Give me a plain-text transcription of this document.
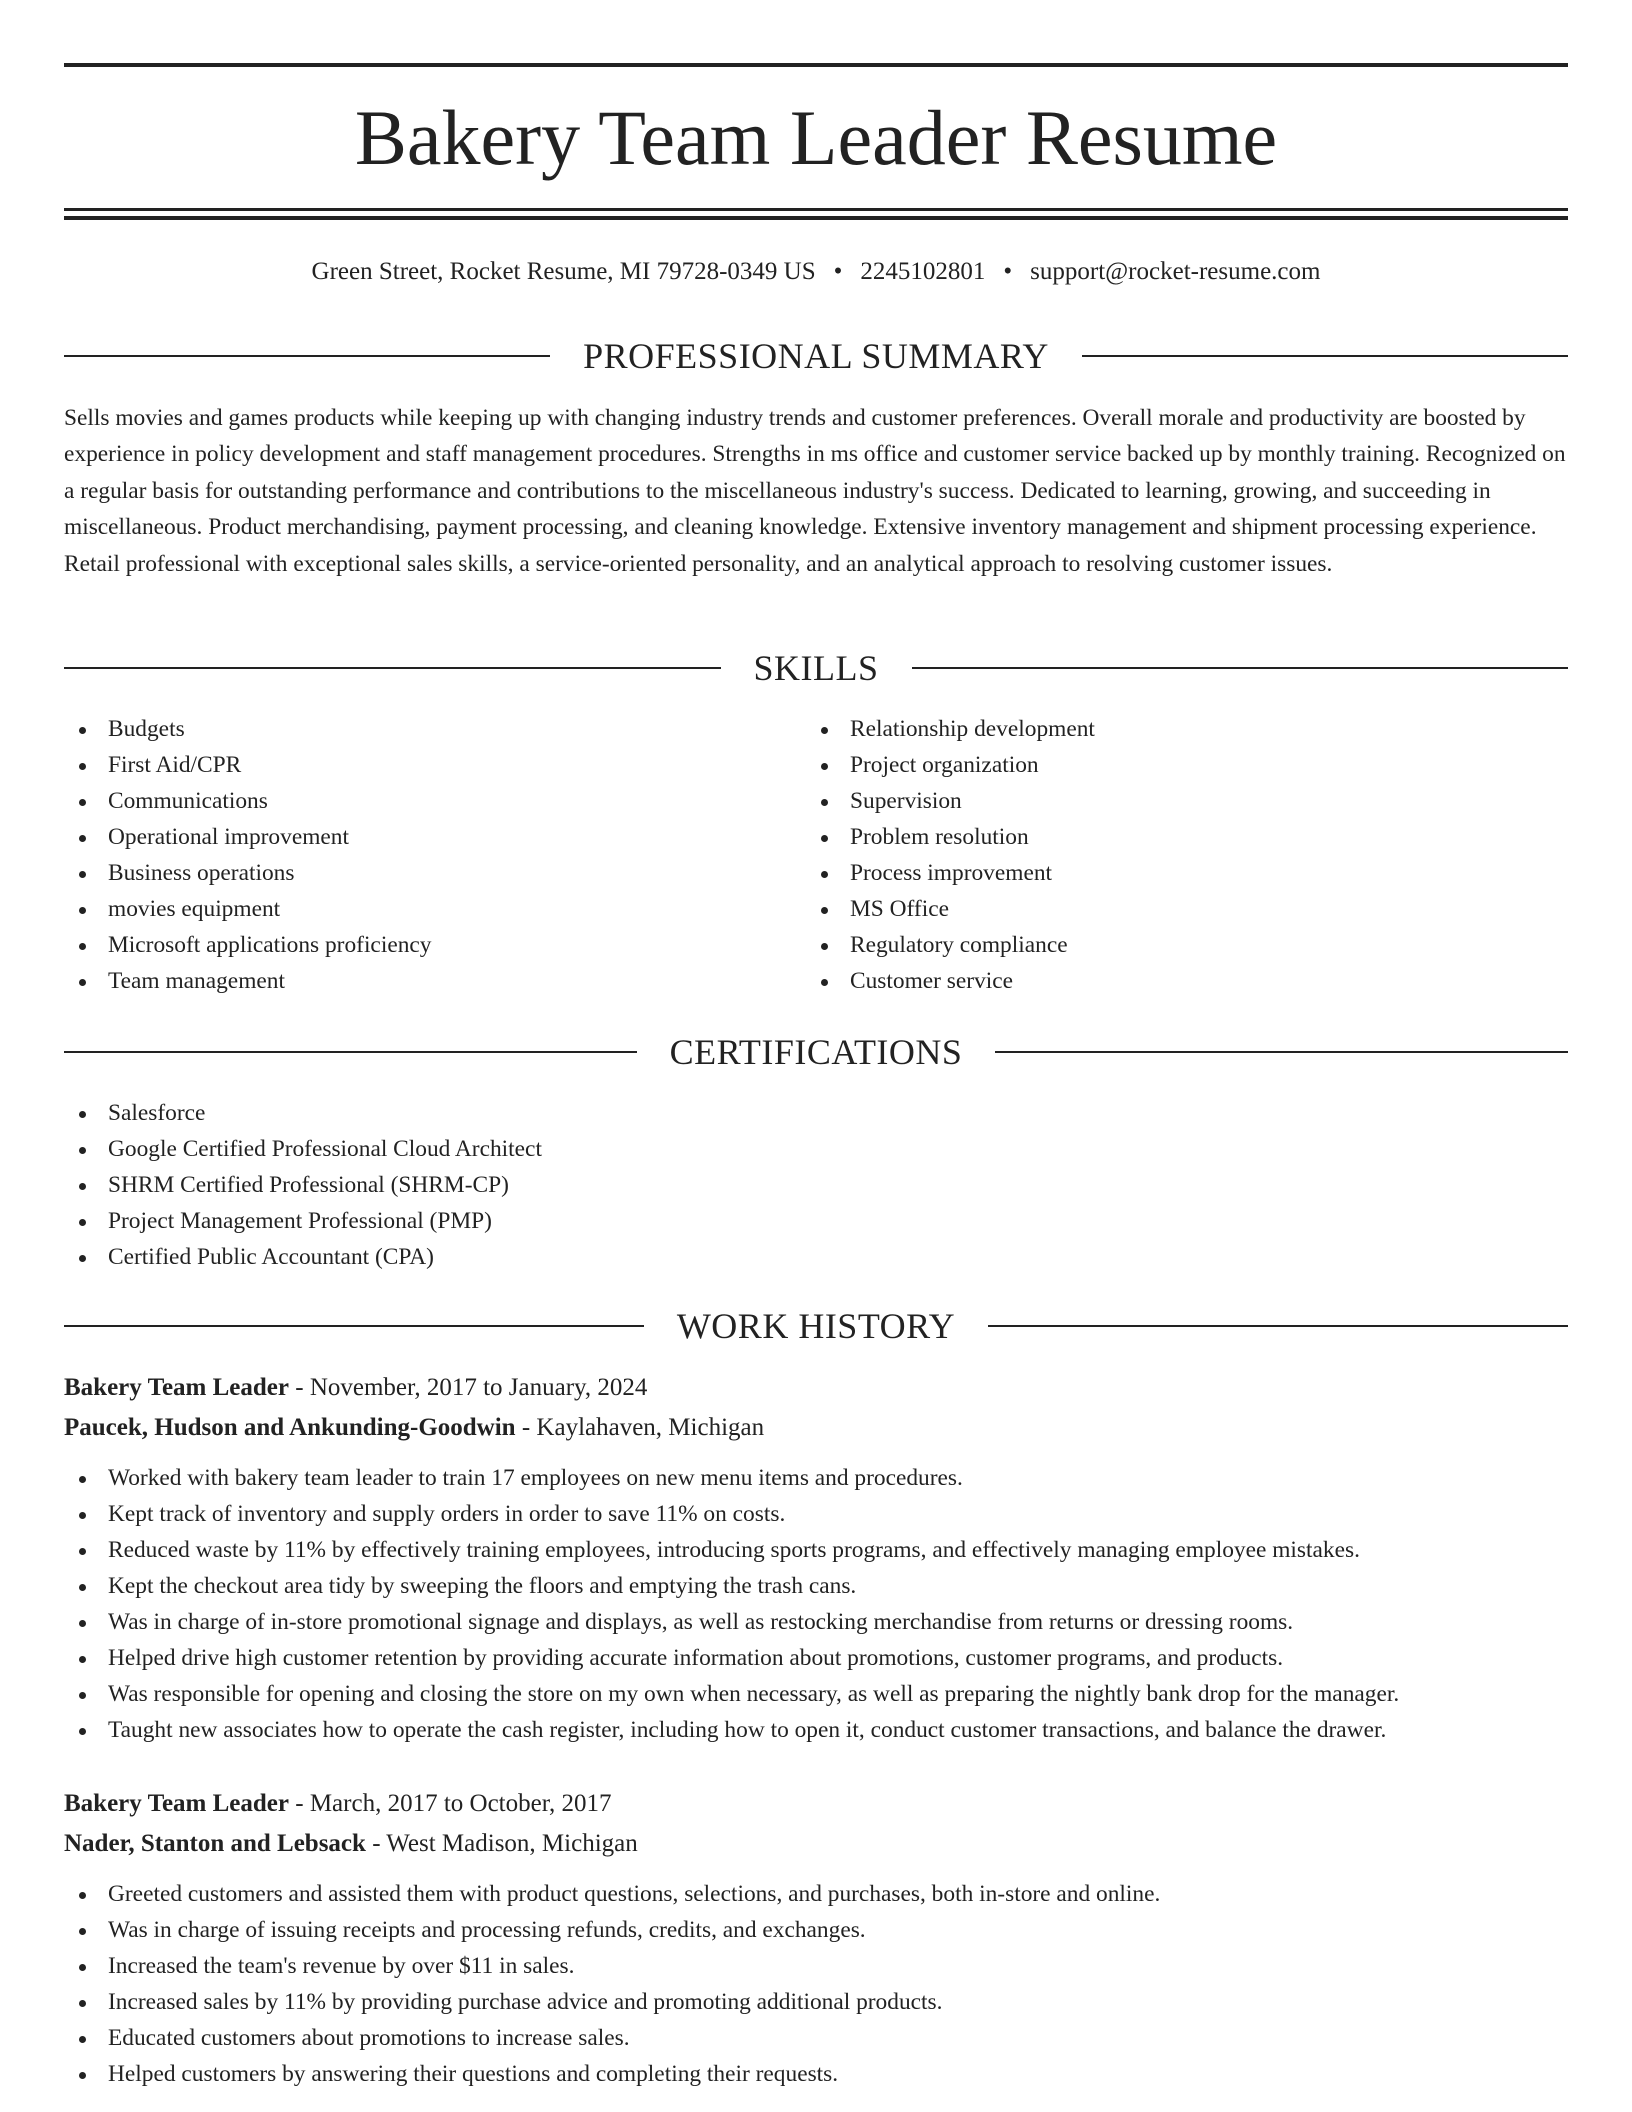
Bakery Team Leader Resume
Green Street, Rocket Resume, MI 79728-0349 US • 2245102801 • support@rocket-resume.com
PROFESSIONAL SUMMARY

Sells movies and games products while keeping up with changing industry trends and customer preferences. Overall morale and productivity are boosted by experience in policy development and staff management procedures. Strengths in ms office and customer service backed up by monthly training. Recognized on a regular basis for outstanding performance and contributions to the miscellaneous industry's success. Dedicated to learning, growing, and succeeding in miscellaneous. Product merchandising, payment processing, and cleaning knowledge. Extensive inventory management and shipment processing experience. Retail professional with exceptional sales skills, a service-oriented personality, and an analytical approach to resolving customer issues.

SKILLS
Budgets
First Aid/CPR
Communications
Operational improvement
Business operations
movies equipment
Microsoft applications proficiency
Team management
Relationship development
Project organization
Supervision
Problem resolution
Process improvement
MS Office
Regulatory compliance
Customer service
CERTIFICATIONS
Salesforce
Google Certified Professional Cloud Architect
SHRM Certified Professional (SHRM-CP)
Project Management Professional (PMP)
Certified Public Accountant (CPA)
WORK HISTORY
Bakery Team Leader - November, 2017 to January, 2024
Paucek, Hudson and Ankunding-Goodwin - Kaylahaven, Michigan
Worked with bakery team leader to train 17 employees on new menu items and procedures.
Kept track of inventory and supply orders in order to save 11% on costs.
Reduced waste by 11% by effectively training employees, introducing sports programs, and effectively managing employee mistakes.
Kept the checkout area tidy by sweeping the floors and emptying the trash cans.
Was in charge of in-store promotional signage and displays, as well as restocking merchandise from returns or dressing rooms.
Helped drive high customer retention by providing accurate information about promotions, customer programs, and products.
Was responsible for opening and closing the store on my own when necessary, as well as preparing the nightly bank drop for the manager.
Taught new associates how to operate the cash register, including how to open it, conduct customer transactions, and balance the drawer.
Bakery Team Leader - March, 2017 to October, 2017
Nader, Stanton and Lebsack - West Madison, Michigan
Greeted customers and assisted them with product questions, selections, and purchases, both in-store and online.
Was in charge of issuing receipts and processing refunds, credits, and exchanges.
Increased the team's revenue by over $11 in sales.
Increased sales by 11% by providing purchase advice and promoting additional products.
Educated customers about promotions to increase sales.
Helped customers by answering their questions and completing their requests.
